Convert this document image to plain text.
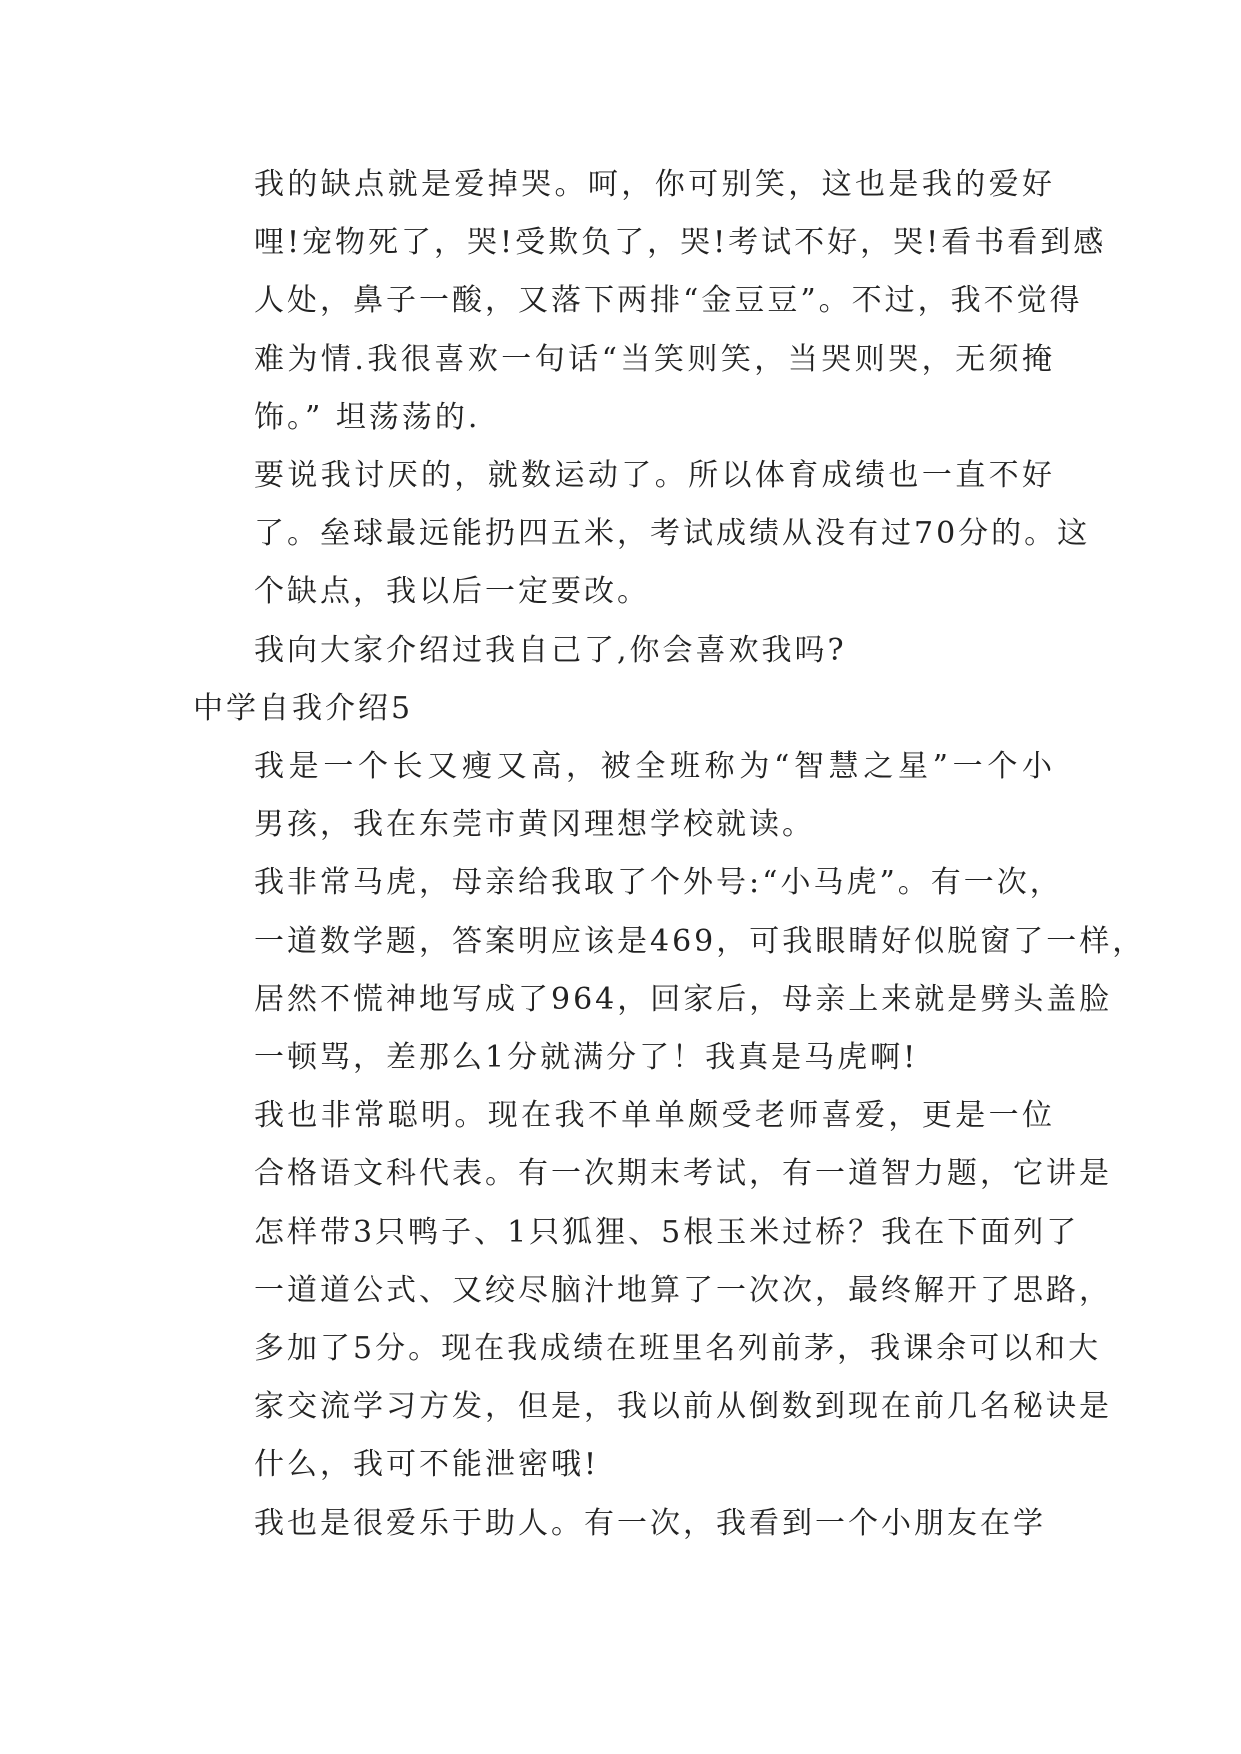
我的缺点就是爱掉哭。呵，你可别笑，这也是我的爱好
哩!宠物死了，哭!受欺负了，哭!考试不好，哭!看书看到感
人处，鼻子一酸，又落下两排“金豆豆”。不过，我不觉得
难为情.我很喜欢一句话“当笑则笑，当哭则哭，无须掩
饰。” 坦荡荡的.

要说我讨厌的，就数运动了。所以体育成绩也一直不好
了。垒球最远能扔四五米，考试成绩从没有过70分的。这
个缺点，我以后一定要改。

我向大家介绍过我自己了,你会喜欢我吗?

中学自我介绍5

我是一个长又瘦又高，被全班称为“智慧之星”一个小
男孩，我在东莞市黄冈理想学校就读。

我非常马虎，母亲给我取了个外号:“小马虎”。有一次，
一道数学题，答案明应该是469，可我眼睛好似脱窗了一样，
居然不慌神地写成了964，回家后，母亲上来就是劈头盖脸
一顿骂，差那么1分就满分了！我真是马虎啊!

我也非常聪明。现在我不单单颇受老师喜爱，更是一位
合格语文科代表。有一次期末考试，有一道智力题，它讲是
怎样带3只鸭子、1只狐狸、5根玉米过桥？我在下面列了
一道道公式、又绞尽脑汁地算了一次次，最终解开了思路，
多加了5分。现在我成绩在班里名列前茅，我课余可以和大
家交流学习方发，但是，我以前从倒数到现在前几名秘诀是
什么，我可不能泄密哦!

我也是很爱乐于助人。有一次，我看到一个小朋友在学
